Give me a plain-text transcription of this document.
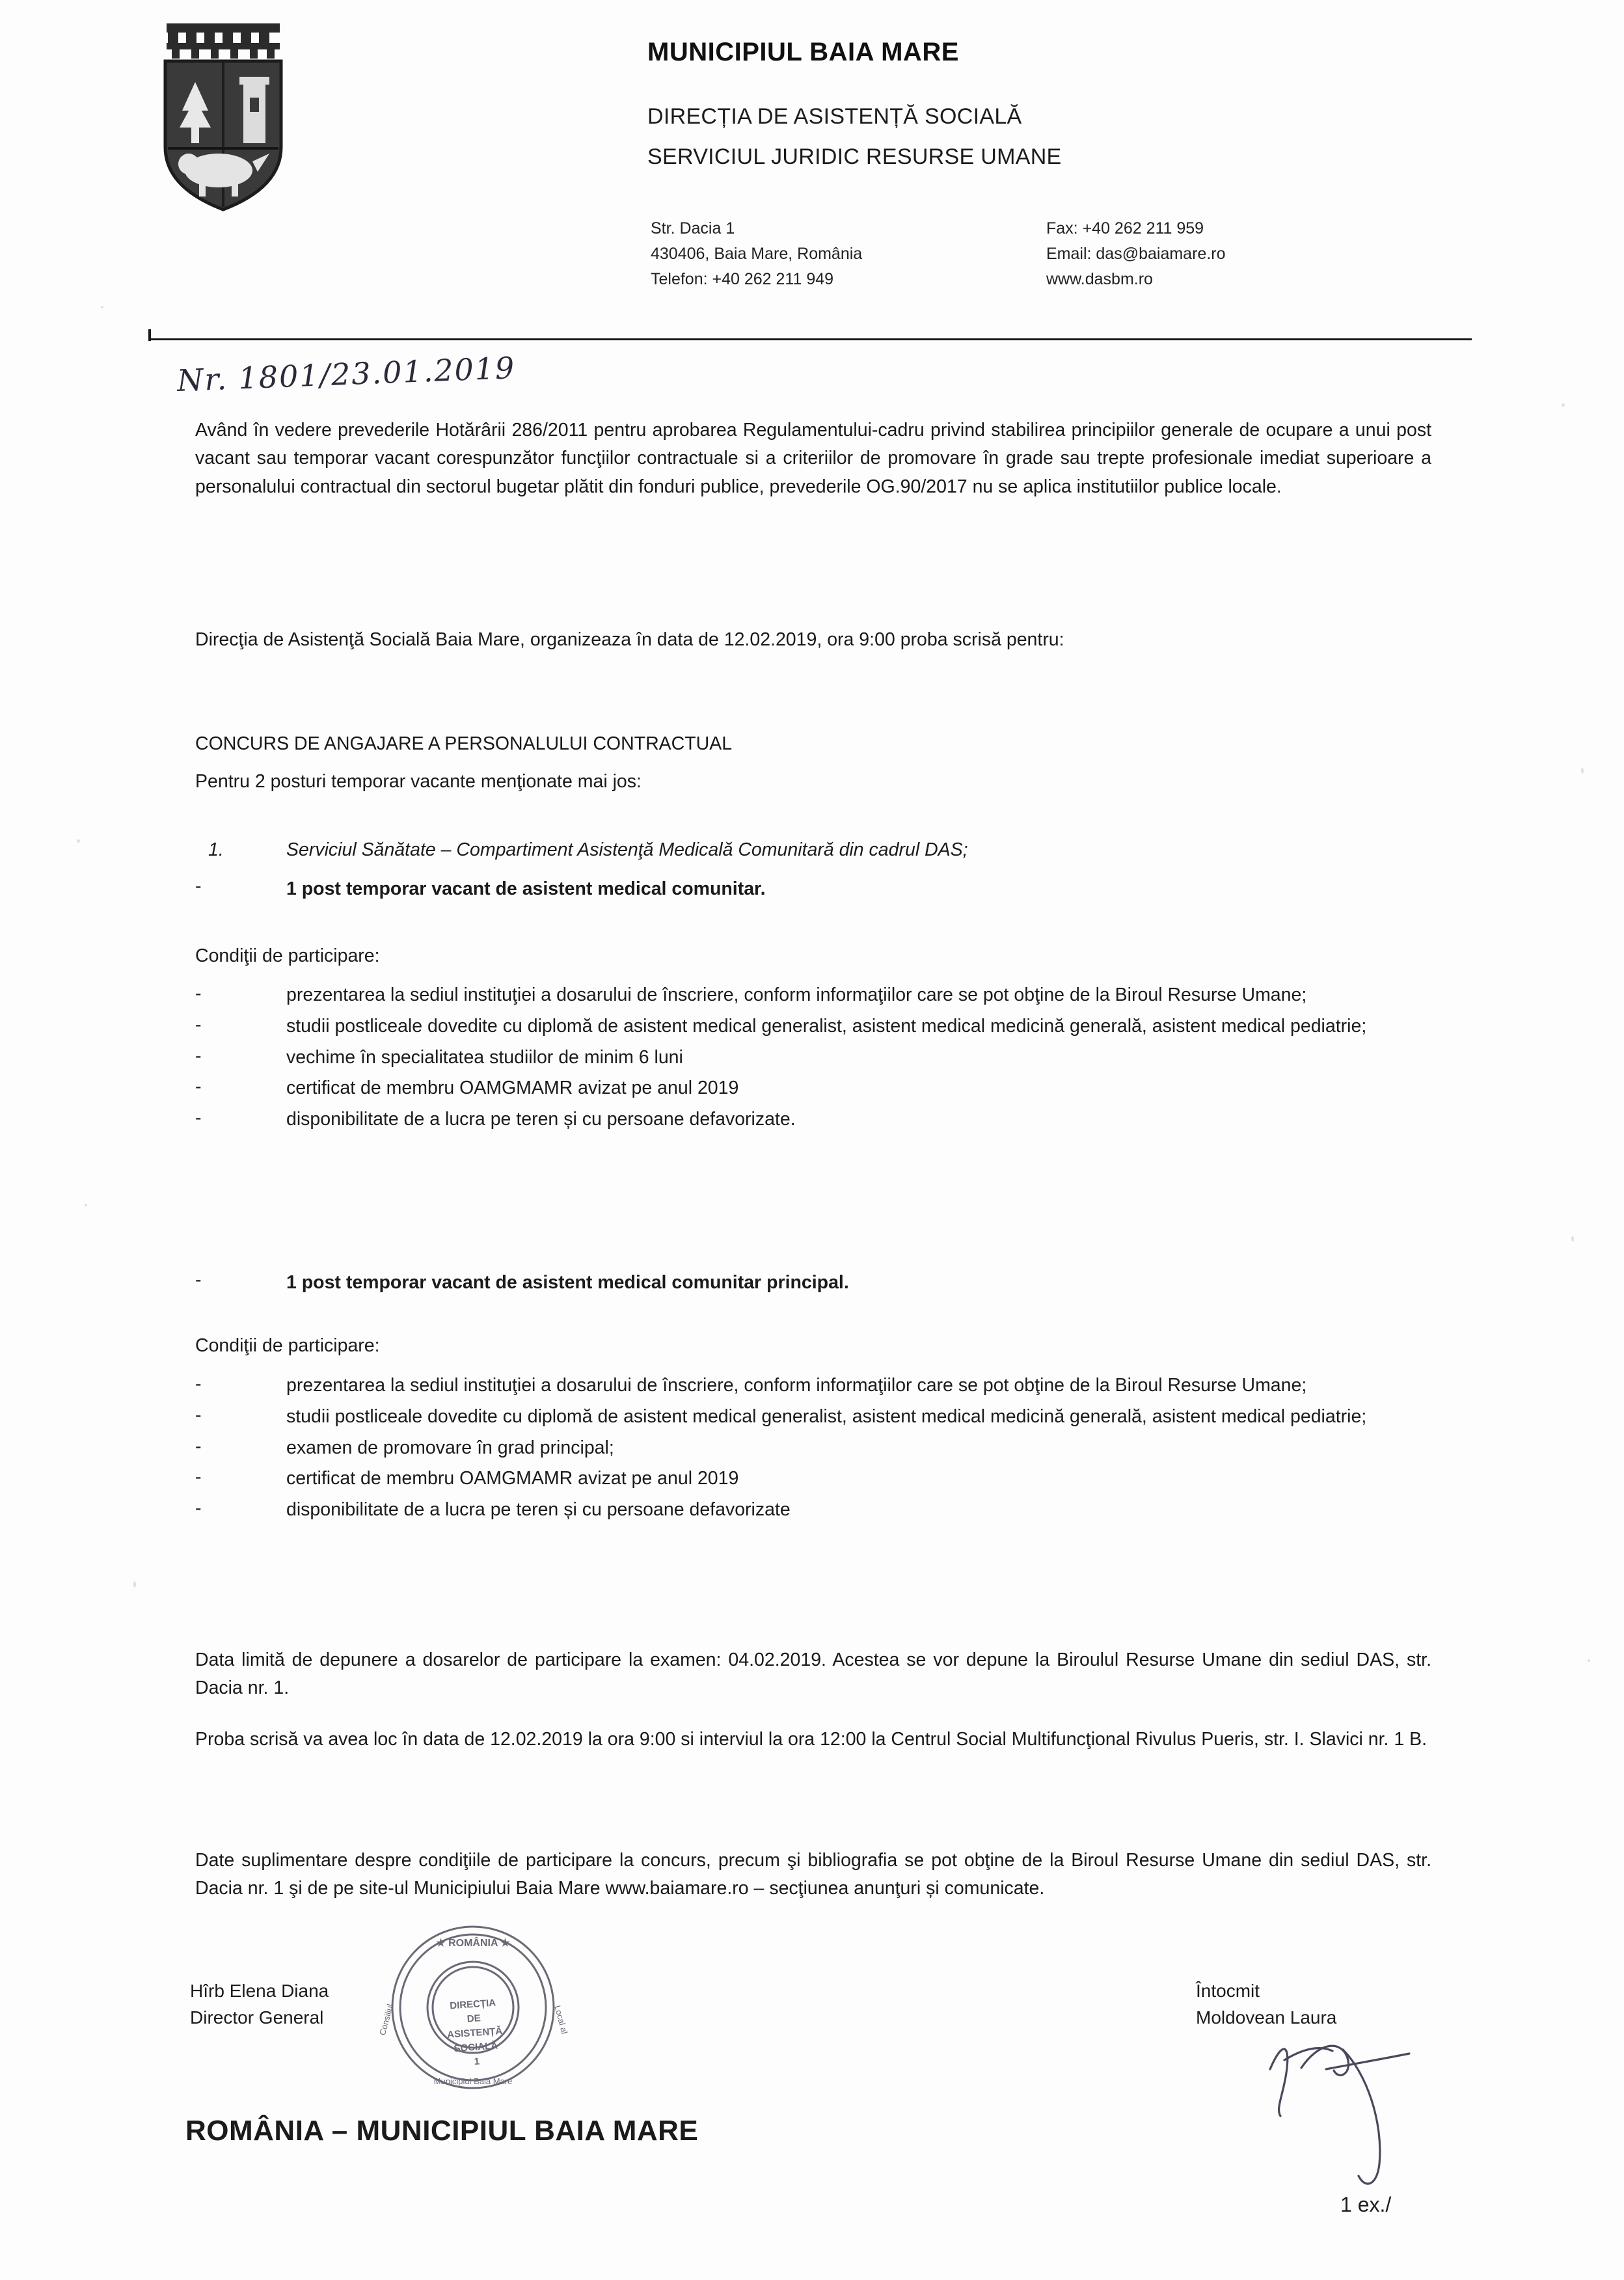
MUNICIPIUL BAIA MARE
DIRECȚIA DE ASISTENȚĂ SOCIALĂ
SERVICIUL JURIDIC RESURSE UMANE
Str. Dacia 1
430406, Baia Mare, România
Telefon: +40 262 211 949
Fax: +40 262 211 959
Email: das@baiamare.ro
www.dasbm.ro
Nr. 1801/23.01.2019
Având în vedere prevederile Hotărârii 286/2011 pentru aprobarea Regulamentului-cadru privind stabilirea principiilor generale de ocupare a unui post vacant sau temporar vacant corespunzător funcţiilor contractuale si a criteriilor de promovare în grade sau trepte profesionale imediat superioare a personalului contractual din sectorul bugetar plătit din fonduri publice, prevederile OG.90/2017 nu se aplica institutiilor publice locale.
Direcţia de Asistenţă Socială Baia Mare, organizeaza în data de 12.02.2019, ora 9:00 proba scrisă pentru:
CONCURS DE ANGAJARE A PERSONALULUI CONTRACTUAL
Pentru 2 posturi temporar vacante menţionate mai jos:
1.	Serviciul Sănătate – Compartiment Asistenţă Medicală Comunitară din cadrul DAS;
-	1 post temporar vacant de asistent medical comunitar.
Condiţii de participare:
-	prezentarea la sediul instituţiei a dosarului de înscriere, conform informaţiilor care se pot obţine de la Biroul Resurse Umane;
-	studii postliceale dovedite cu diplomă de asistent medical generalist, asistent medical medicină generală, asistent medical pediatrie;
-	vechime în specialitatea studiilor de minim 6 luni
-	certificat de membru OAMGMAMR avizat pe anul 2019
-	disponibilitate de a lucra pe teren și cu persoane defavorizate.
-	1 post temporar vacant de asistent medical comunitar principal.
Condiţii de participare:
-	prezentarea la sediul instituţiei a dosarului de înscriere, conform informaţiilor care se pot obţine de la Biroul Resurse Umane;
-	studii postliceale dovedite cu diplomă de asistent medical generalist, asistent medical medicină generală, asistent medical pediatrie;
-	examen de promovare în grad principal;
-	certificat de membru OAMGMAMR avizat pe anul 2019
-	disponibilitate de a lucra pe teren și cu persoane defavorizate
Data limită de depunere a dosarelor de participare la examen: 04.02.2019. Acestea se vor depune la Biroulul Resurse Umane din sediul DAS, str. Dacia nr. 1.
Proba scrisă va avea loc în data de 12.02.2019 la ora 9:00 si interviul la ora 12:00 la Centrul Social Multifuncţional Rivulus Pueris, str. I. Slavici nr. 1 B.
Date suplimentare despre condiţiile de participare la concurs, precum şi bibliografia se pot obţine de la Biroul Resurse Umane din sediul DAS, str. Dacia nr. 1 şi de pe site-ul Municipiului Baia Mare www.baiamare.ro – secţiunea anunţuri și comunicate.
Hîrb Elena Diana
Director General
Întocmit
Moldovean Laura
DIRECȚIA
DE
ASISTENȚĂ
SOCIALĂ
1
★ ROMÂNIA ★
Municipiul Baia Mare
Consiliul	Local al
ROMÂNIA – MUNICIPIUL BAIA MARE
1 ex./
